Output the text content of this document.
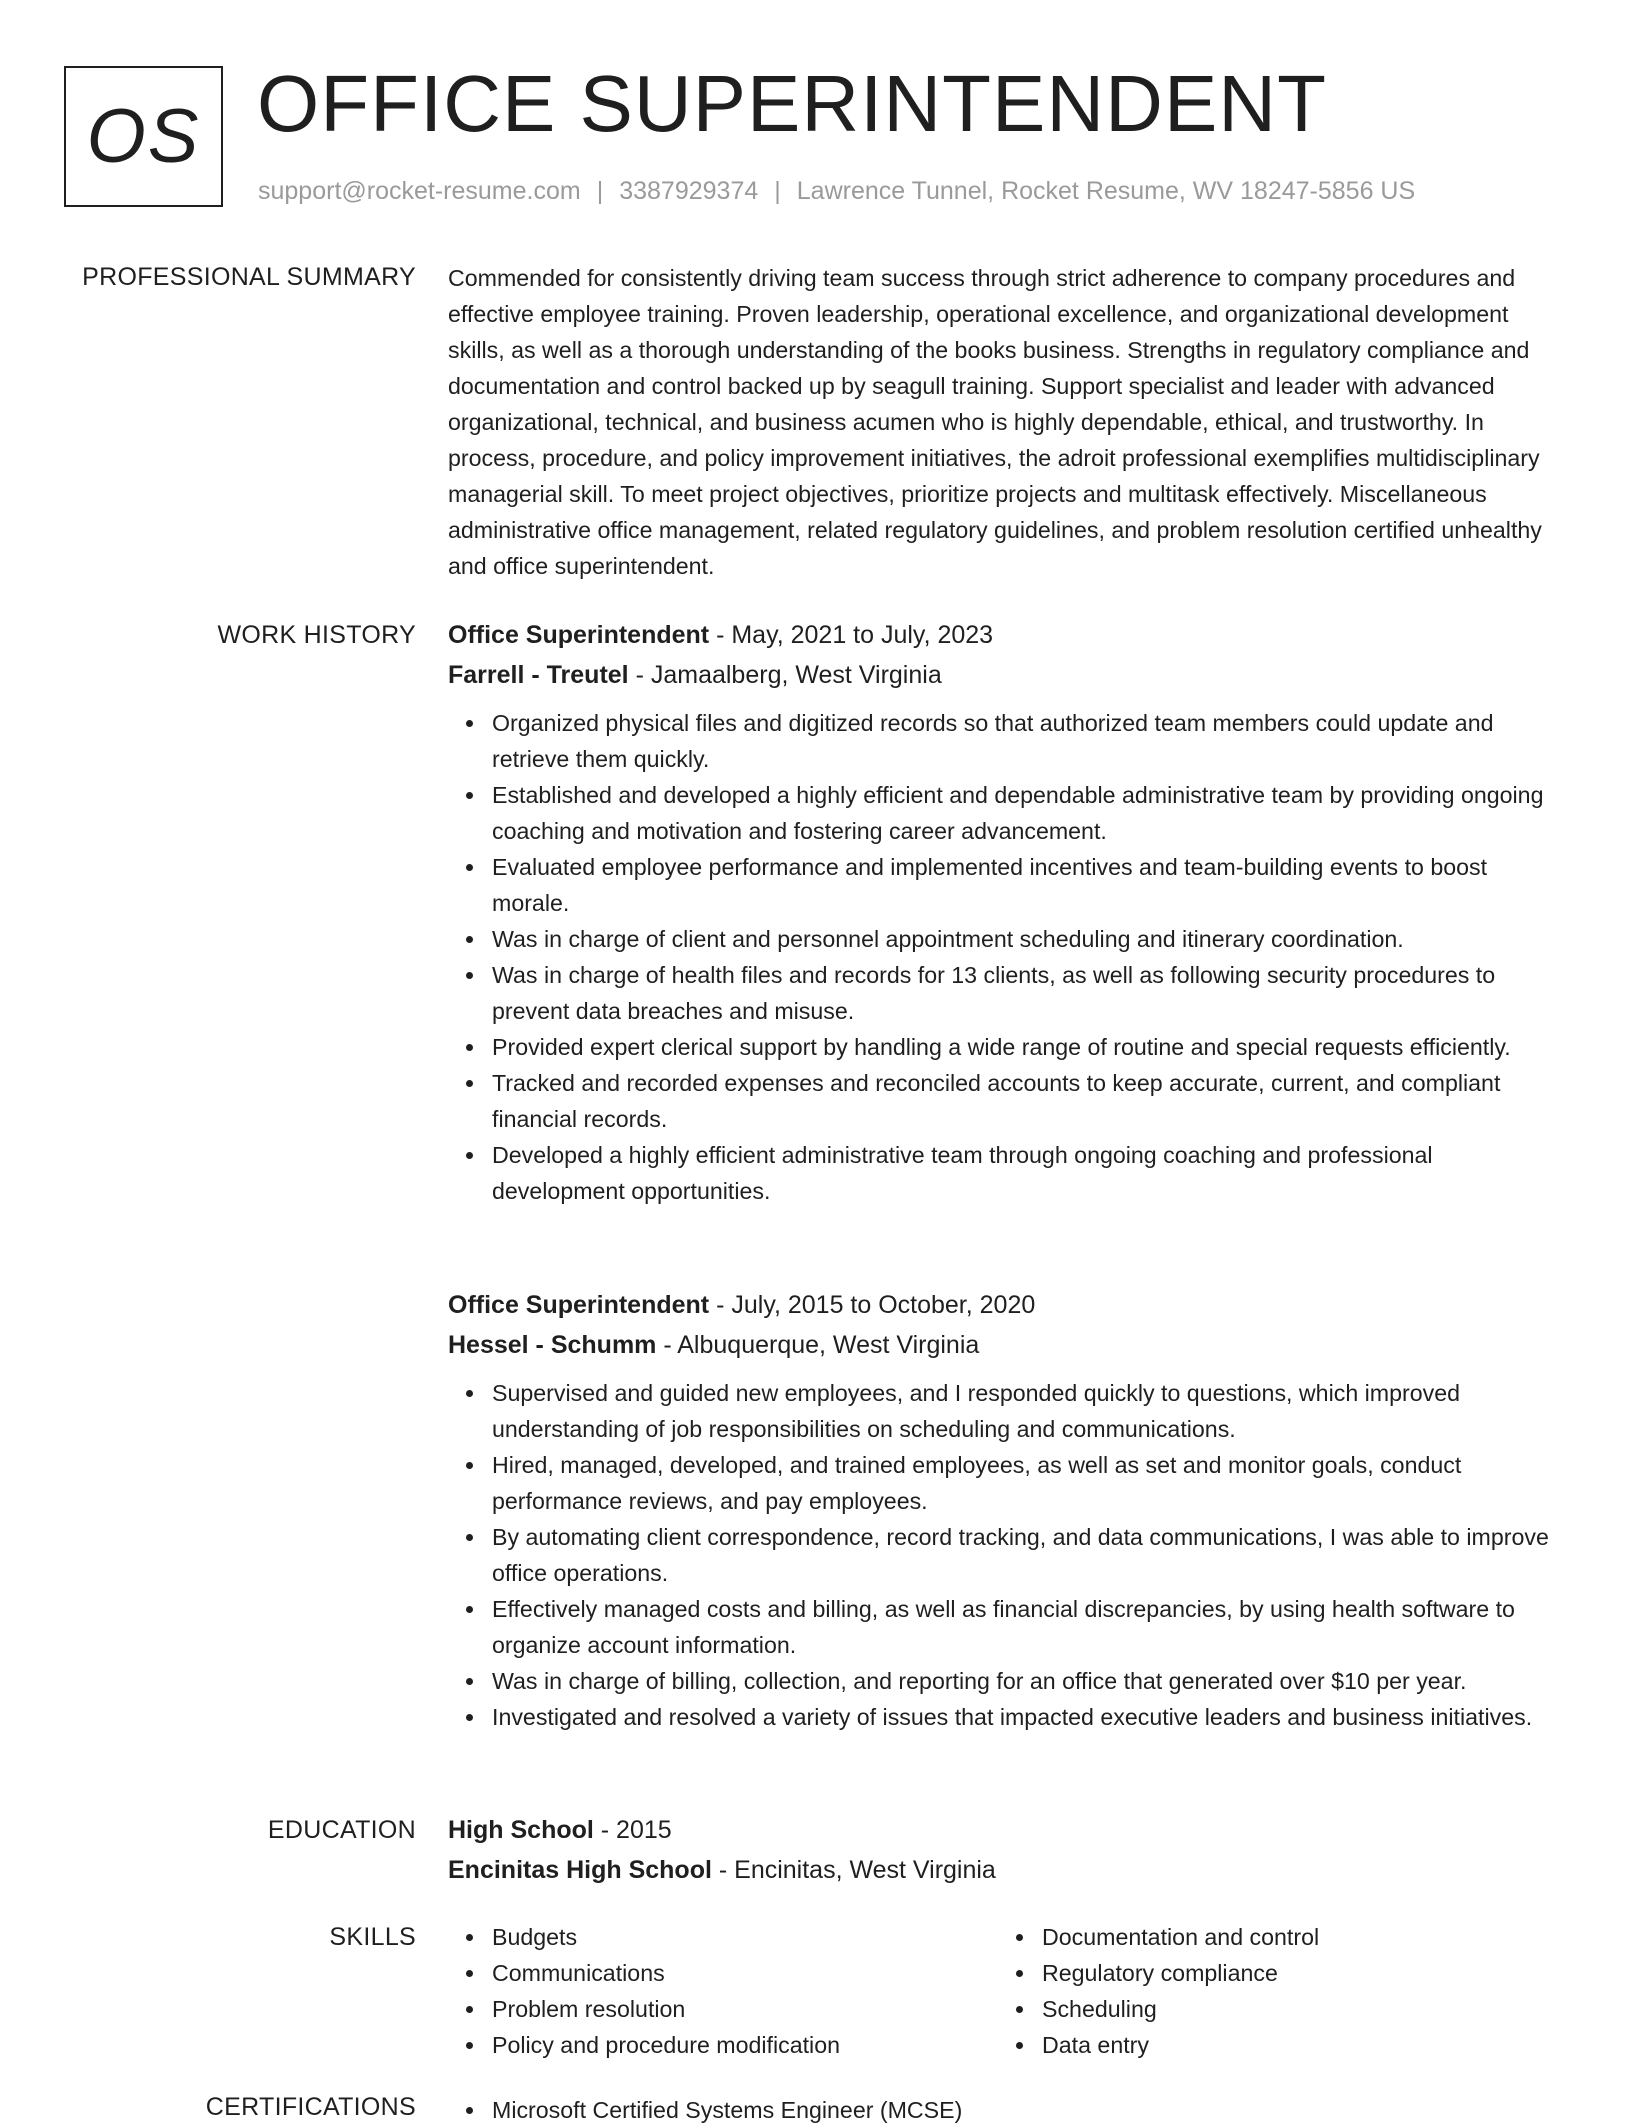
OS OFFICE SUPERINTENDENT
support@rocket-resume.com | 3387929374 | Lawrence Tunnel, Rocket Resume, WV 18247-5856 US
PROFESSIONAL SUMMARY Commended for consistently driving team success through strict adherence to company procedures and effective employee training. Proven leadership, operational excellence, and organizational development skills, as well as a thorough understanding of the books business. Strengths in regulatory compliance and documentation and control backed up by seagull training. Support specialist and leader with advanced organizational, technical, and business acumen who is highly dependable, ethical, and trustworthy. In process, procedure, and policy improvement initiatives, the adroit professional exemplifies multidisciplinary managerial skill. To meet project objectives, prioritize projects and multitask effectively. Miscellaneous administrative office management, related regulatory guidelines, and problem resolution certified unhealthy and office superintendent.

WORK HISTORY Office Superintendent - May, 2021 to July, 2023
Farrell - Treutel - Jamaalberg, West Virginia
Organized physical files and digitized records so that authorized team members could update and retrieve them quickly.
Established and developed a highly efficient and dependable administrative team by providing ongoing coaching and motivation and fostering career advancement.
Evaluated employee performance and implemented incentives and team-building events to boost morale.
Was in charge of client and personnel appointment scheduling and itinerary coordination.
Was in charge of health files and records for 13 clients, as well as following security procedures to prevent data breaches and misuse.
Provided expert clerical support by handling a wide range of routine and special requests efficiently.
Tracked and recorded expenses and reconciled accounts to keep accurate, current, and compliant financial records.
Developed a highly efficient administrative team through ongoing coaching and professional development opportunities.
Office Superintendent - July, 2015 to October, 2020
Hessel - Schumm - Albuquerque, West Virginia
Supervised and guided new employees, and I responded quickly to questions, which improved understanding of job responsibilities on scheduling and communications.
Hired, managed, developed, and trained employees, as well as set and monitor goals, conduct performance reviews, and pay employees.
By automating client correspondence, record tracking, and data communications, I was able to improve office operations.
Effectively managed costs and billing, as well as financial discrepancies, by using health software to organize account information.
Was in charge of billing, collection, and reporting for an office that generated over $10 per year.
Investigated and resolved a variety of issues that impacted executive leaders and business initiatives.
EDUCATION High School - 2015
Encinitas High School - Encinitas, West Virginia
SKILLS	Budgets
Communications
Problem resolution
Policy and procedure modification
Documentation and control
Regulatory compliance
Scheduling
Data entry
CERTIFICATIONS	Microsoft Certified Systems Engineer (MCSE)
